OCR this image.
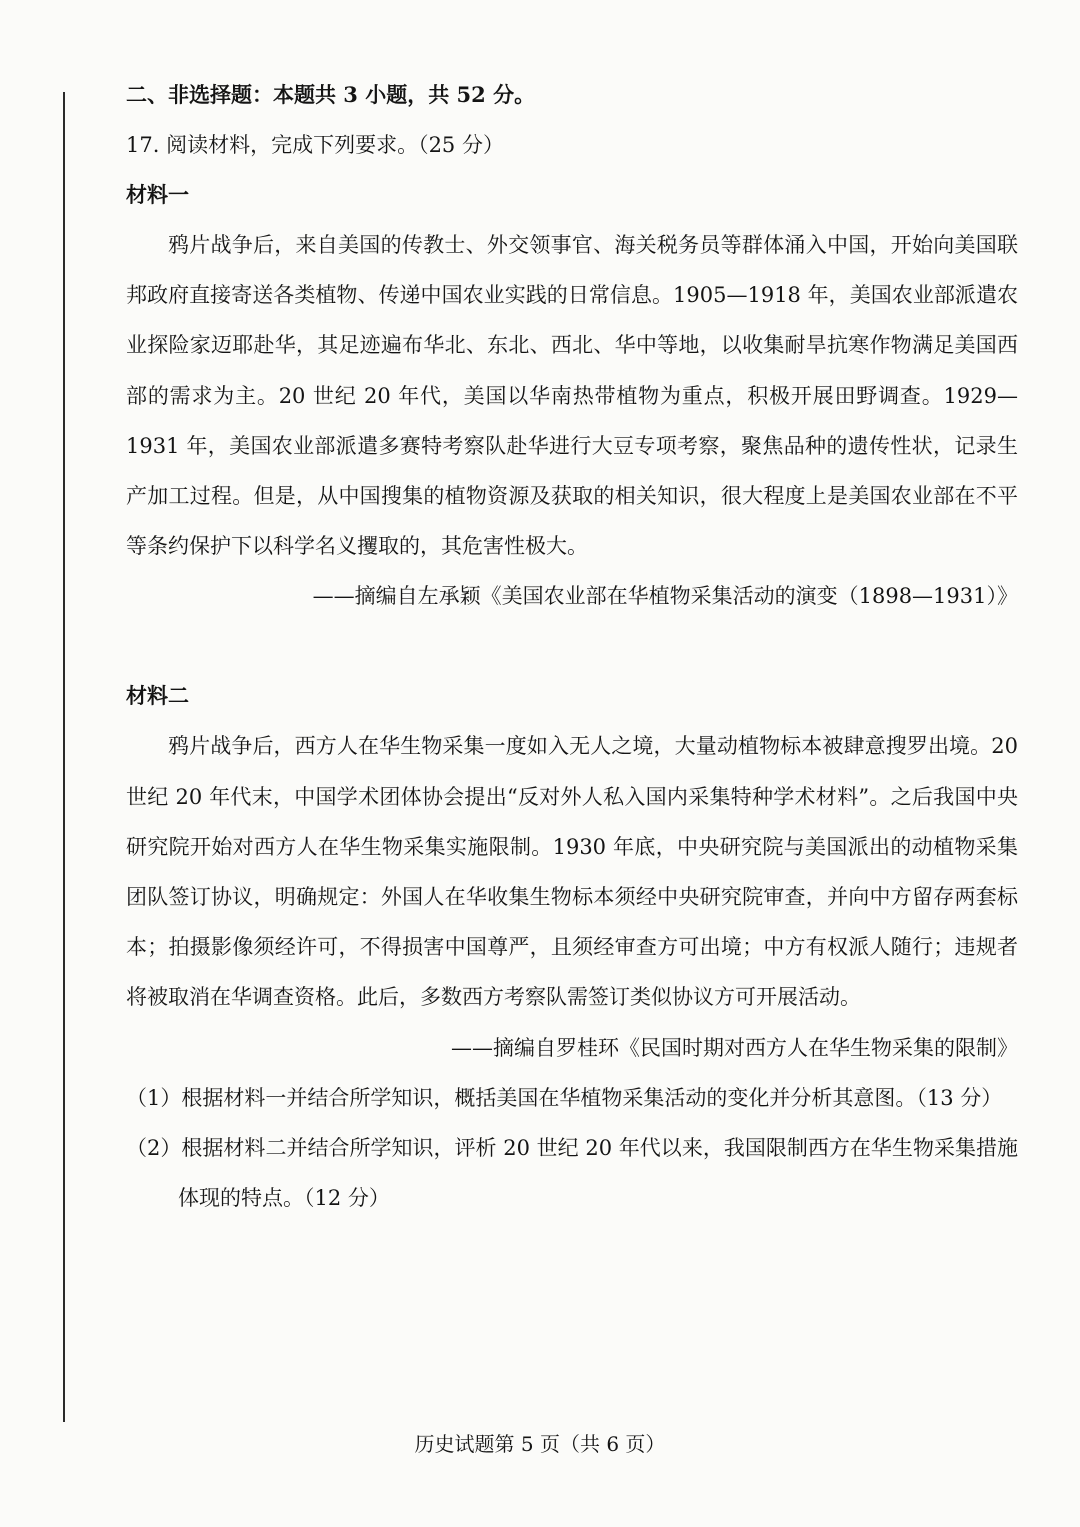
二、非选择题：本题共 3 小题，共 52 分。
17. 阅读材料，完成下列要求。（25 分）
材料一

鸦片战争后，来自美国的传教士、外交领事官、海关税务员等群体涌入中国，开始向美国联邦政府直接寄送各类植物、传递中国农业实践的日常信息。1905—1918 年，美国农业部派遣农业探险家迈耶赴华，其足迹遍布华北、东北、西北、华中等地，以收集耐旱抗寒作物满足美国西部的需求为主。20 世纪 20 年代，美国以华南热带植物为重点，积极开展田野调查。1929—1931 年，美国农业部派遣多赛特考察队赴华进行大豆专项考察，聚焦品种的遗传性状，记录生产加工过程。但是，从中国搜集的植物资源及获取的相关知识，很大程度上是美国农业部在不平等条约保护下以科学名义攫取的，其危害性极大。

——摘编自左承颖《美国农业部在华植物采集活动的演变（1898—1931）》
材料二

鸦片战争后，西方人在华生物采集一度如入无人之境，大量动植物标本被肆意搜罗出境。20 世纪 20 年代末，中国学术团体协会提出“反对外人私入国内采集特种学术材料”。之后我国中央研究院开始对西方人在华生物采集实施限制。1930 年底，中央研究院与美国派出的动植物采集团队签订协议，明确规定：外国人在华收集生物标本须经中央研究院审查，并向中方留存两套标本；拍摄影像须经许可，不得损害中国尊严，且须经审查方可出境；中方有权派人随行；违规者将被取消在华调查资格。此后，多数西方考察队需签订类似协议方可开展活动。

——摘编自罗桂环《民国时期对西方人在华生物采集的限制》

（1）根据材料一并结合所学知识，概括美国在华植物采集活动的变化并分析其意图。（13 分）

（2）根据材料二并结合所学知识，评析 20 世纪 20 年代以来，我国限制西方在华生物采集措施体现的特点。（12 分）

历史试题第 5 页（共 6 页）
